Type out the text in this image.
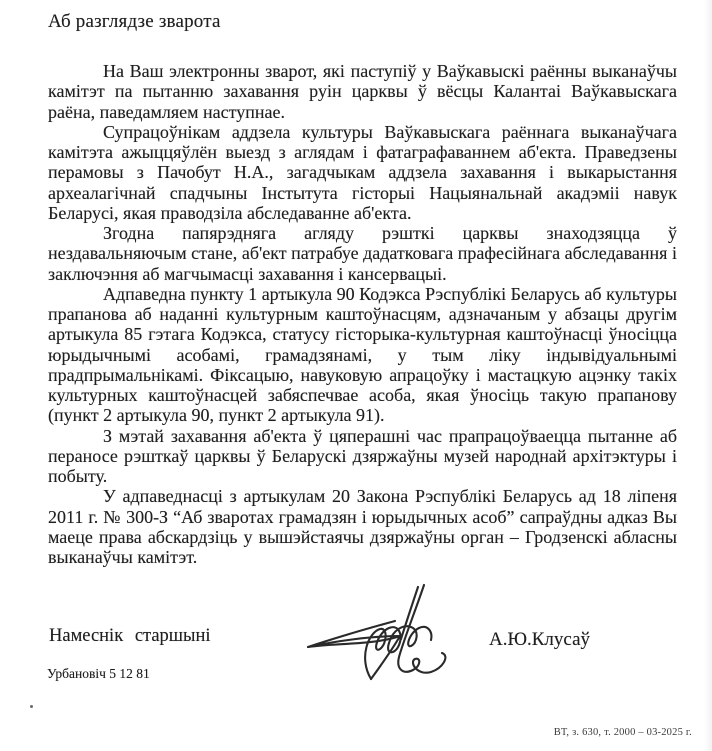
Аб разглядзе зварота

На Ваш электронны зварот, які паступіў у Ваўкавыскі раённы выканаўчы камітэт па пытанню захавання руін царквы ў вёсцы Калантаі Ваўкавыскага раёна, паведамляем наступнае.

Супрацоўнікам аддзела культуры Ваўкавыскага раённага выканаўчага камітэта ажыццяўлён выезд з аглядам і фатаграфаваннем аб'екта. Праведзены перамовы з Пачобут Н.А., загадчыкам аддзела захавання і выкарыстання археалагічнай спадчыны Інстытута гісторыі Нацыянальнай акадэміі навук Беларусі, якая праводзіла абследаванне аб'екта.

Згодна папярэдняга агляду рэшткі царквы знаходзяцца ў нездавальняючым стане, аб'ект патрабуе дадатковага прафесійнага абследавання і заключэння аб магчымасці захавання і кансервацыі.

Адпаведна пункту 1 артыкула 90 Кодэкса Рэспублікі Беларусь аб культуры прапанова аб наданні культурным каштоўнасцям, адзначаным у абзацы другім артыкула 85 гэтага Кодэкса, статусу гісторыка-культурная каштоўнасці ўносіцца юрыдычнымі асобамі, грамадзянамі, у тым ліку індывідуальнымі прадпрымальнікамі. Фіксацыю, навуковую апрацоўку і мастацкую ацэнку такіх культурных каштоўнасцей забяспечвае асоба, якая ўносіць такую прапанову (пункт 2 артыкула 90, пункт 2 артыкула 91).

З мэтай захавання аб'екта ў цяперашні час прапрацоўваецца пытанне аб пераносе рэшткаў царквы ў Беларускі дзяржаўны музей народнай архітэктуры і побыту.

У адпаведнасці з артыкулам 20 Закона Рэспублікі Беларусь ад 18 ліпеня 2011 г. № 300-З “Аб зваротах грамадзян і юрыдычных асоб” сапраўдны адказ Вы маеце права абскардзіць у вышэйстаячы дзяржаўны орган – Гродзенскі абласны выканаўчы камітэт.

Намеснік старшыні	А.Ю.Клусаў
Урбановіч 5 12 81
ВТ, з. 630, т. 2000 – 03-2025 г.
